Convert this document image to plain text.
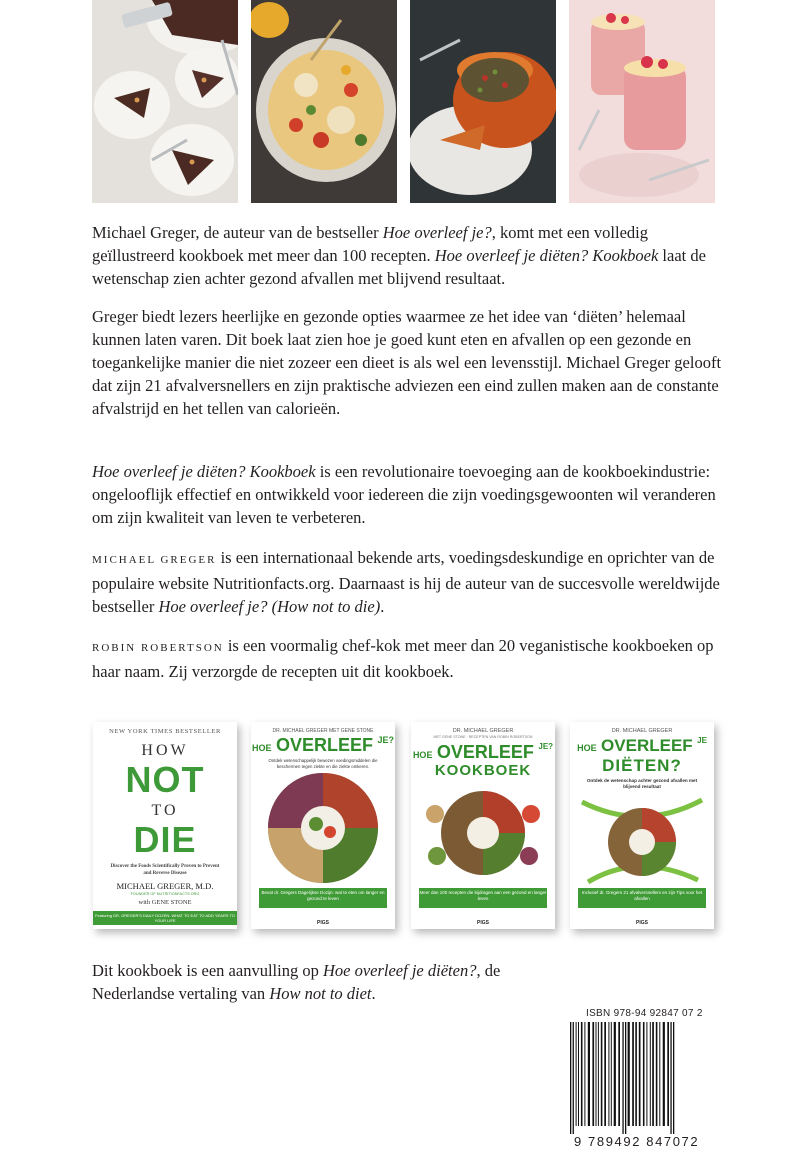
Michael Greger, de auteur van de bestseller Hoe overleef je?, komt met een volledig geïllustreerd kookboek met meer dan 100 recepten. Hoe overleef je diëten? Kookboek laat de wetenschap zien achter gezond afvallen met blijvend resultaat.

Greger biedt lezers heerlijke en gezonde opties waarmee ze het idee van ‘diëten’ helemaal kunnen laten varen. Dit boek laat zien hoe je goed kunt eten en afvallen op een gezonde en toegankelijke manier die niet zozeer een dieet is als wel een levensstijl. Michael Greger gelooft dat zijn 21 afvalversnellers en zijn praktische adviezen een eind zullen maken aan de constante afvalstrijd en het tellen van calorieën.

Hoe overleef je diëten? Kookboek is een revolutionaire toevoeging aan de kookboekindustrie: ongelooflijk effectief en ontwikkeld voor iedereen die zijn voedingsgewoonten wil veranderen om zijn kwaliteit van leven te verbeteren.

MICHAEL GREGER is een internationaal bekende arts, voedingsdeskundige en oprichter van de populaire website Nutritionfacts.org. Daarnaast is hij de auteur van de succesvolle wereldwijde bestseller Hoe overleef je? (How not to die).

ROBIN ROBERTSON is een voormalig chef-kok met meer dan 20 veganistische kookboeken op haar naam. Zij verzorgde de recepten uit dit kookboek.

NEW YORK TIMES BESTSELLER
HOW
NOT
TO
DIE
Discover the Foods Scientifically Proven to Prevent and Reverse Disease
MICHAEL GREGER, M.D.
FOUNDER OF NUTRITIONFACTS.ORG
with GENE STONE
Featuring DR. GREGER'S DAILY DOZEN: WHAT TO EAT TO ADD YEARS TO YOUR LIFE
DR. MICHAEL GREGER MET GENE STONE
HOE OVERLEEF $^{JE?}$
Ontdek wetenschappelijk bewezen voedingsmiddelen die beschermen tegen ziekte en die ziekte omkeren.
Bevat dr. Gregers Dagelijkse Dozijn: wat te eten om langer en gezond te leven
PIGS
DR. MICHAEL GREGER
MET GENE STONE · RECEPTEN VAN ROBIN ROBERTSON
HOE OVERLEEF $^{JE?}$
KOOKBOEK
Meer dan 100 recepten die bijdragen aan een gezond en langer leven
PIGS
DR. MICHAEL GREGER
HOE OVERLEEF $^{JE}$
DIËTEN?
Ontdek de wetenschap achter gezond afvallen met blijvend resultaat
Inclusief dr. Gregers 21 afvalversnellers en zijn Tips voor het afvallen
PIGS

Dit kookboek is een aanvulling op Hoe overleef je diëten?, de Nederlandse vertaling van How not to diet.

ISBN 978-94 92847 07 2
9 789492 847072
